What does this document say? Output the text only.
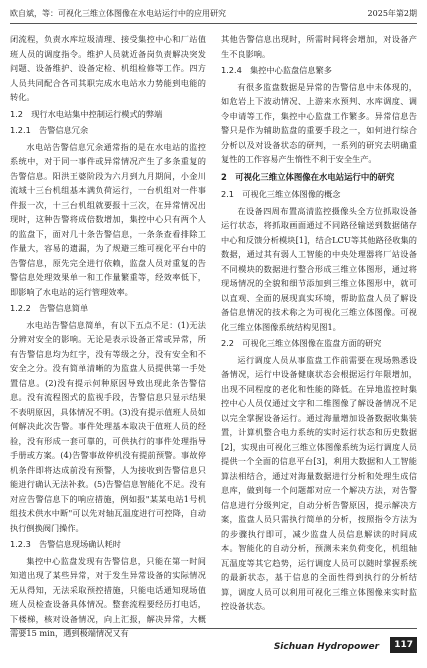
欧自斌，等：可视化三维立体图像在水电站运行中的应用研究	2025年第2期
闭流程，负责水库垃圾清理、接受集控中心和厂站值班人员的调度指令。维护人员就近备岗负责解决突发问题、设备维护、设备定检、机组检修等工作。四方人员共同配合各司其职完成水电站水力势能到电能的转化。
1.2　现行水电站集中控制运行模式的弊端
1.2.1　告警信息冗余
水电站告警信息冗余通常指的是在水电站的监控系统中，对于同一事件或异常情况产生了多条重复的告警信息。阳洪王婆阶段为六月到九月期间，小金川流域十三台机组基本满负荷运行，一台机组对一件事件报一次，十三台机组就要报十三次，在异常情况出现时，这种告警将成倍数增加，集控中心只有两个人的监盘下，面对几十条告警信息，一条条查看排除工作量大，容易的遗漏，为了规避三维可视化平台中的告警信息，原先完全进行依赖，监盘人员对重复的告警信息处理效果单一和工作量繁重等，经效率低下，即影响了水电站的运行管理效率。
1.2.2　告警信息简单
水电站告警信息简单，有以下五点不足：(1)无法分辨对安全的影响。无论是表示设备正常或异常，所有告警信息均为红字，没有等级之分，没有安全和不安全之分。没有简单清晰的为监盘人员提供第一手处置信息。(2)没有提示何种原因导致出现此条告警信息。没有流程图式的监视手段，告警信息只显示结果不表明原因，具体情况不明。(3)没有提示值班人员如何解决此次告警。事件处理基本取决于值班人员的经验，没有形成一套可靠的，可供执行的事件处理指导手册或方案。(4)告警事故停机没有提前预警。事故停机条件即将达成前没有预警，人为接收到告警信息只能进行确认无法补救。(5)告警信息智能化不足。没有对应告警信息下的响应措施，例如报"某某电站1号机组技术供水中断"可以先对轴瓦温度进行可控降，自动执行倒换阀门操作。
1.2.3　告警信息现场确认耗时
集控中心监盘发现有告警信息，只能在第一时间知道出现了某些异常，对于发生异常设备的实际情况无从得知，无法采取预控措施，只能电话通知现场值班人员检查设备具体情况。整套流程要经历打电话，下楼梯，核对设备情况，向上汇报，解决异常，大概需要15 min，遇到极端情况又有
其他告警信息出现时，所需时间将会增加，对设备产生不良影响。
1.2.4　集控中心监盘信息繁多
有很多监盘数据是异常的告警信息中未体现的，如危岩上下波动情况、上游来水预判、水库调度、调令申请等工作，集控中心监盘工作繁多。异常信息告警只是作为辅助监盘的重要手段之一，如何进行综合分析以及对设备状态的研判，一系列的研究去明确重复性的工作容易产生惰性不利于安全生产。
2　可视化三维立体图像在水电站运行中的研究
2.1　可视化三维立体图像的概念
在设备四周布置高清监控摄像头全方位抓取设备运行状态，将抓取画面通过不同路径输送到数据储存中心和反馈分析模块[1]，结合LCU等其他路径收集的数据，通过其有弱人工智能的中央处理器将厂站设备不同模块的数据进行整合形成三维立体图形，通过将现场情况的全貌和细节添加到三维立体图形中，就可以直观、全面的展现真实环境，帮助监盘人员了解设备信息情况的技术称之为可视化三维立体图像。可视化三维立体图像系统结构见图1。
2.2　可视化三维立体图像在监盘方面的研究
运行调度人员从事监盘工作前需要在现场熟悉设备情况，运行中设备健康状态会根据运行年限增加，出现不同程度的老化和性能的降低。在异地监控时集控中心人员仅通过文字和二维图像了解设备情况不足以完全掌握设备运行。通过海量增加设备数据收集装置，计算机整合电力系统的实时运行状态和历史数据[2]，实现由可视化三维立体图像系统为运行调度人员提供一个全面的信息平台[3]，利用大数据和人工智能算法相结合，通过对海量数据进行分析和处理生成信息库，做到每一个问题都对应一个解决方法，对告警信息进行分级判定，自动分析告警原因，提示解决方案，监盘人员只需执行简单的分析，按照指令方法为的步骤执行即可，减少监盘人员信息解读的时间成本。智能化的自动分析，预测未来负荷变化，机组轴瓦温度等其它趋势，运行调度人员可以随时掌握系统的最新状态，基于信息的全面性得到执行的分析结算，调度人员可以利用可视化三维立体图像来实时监控设备状态。
Sichuan Hydropower 117
